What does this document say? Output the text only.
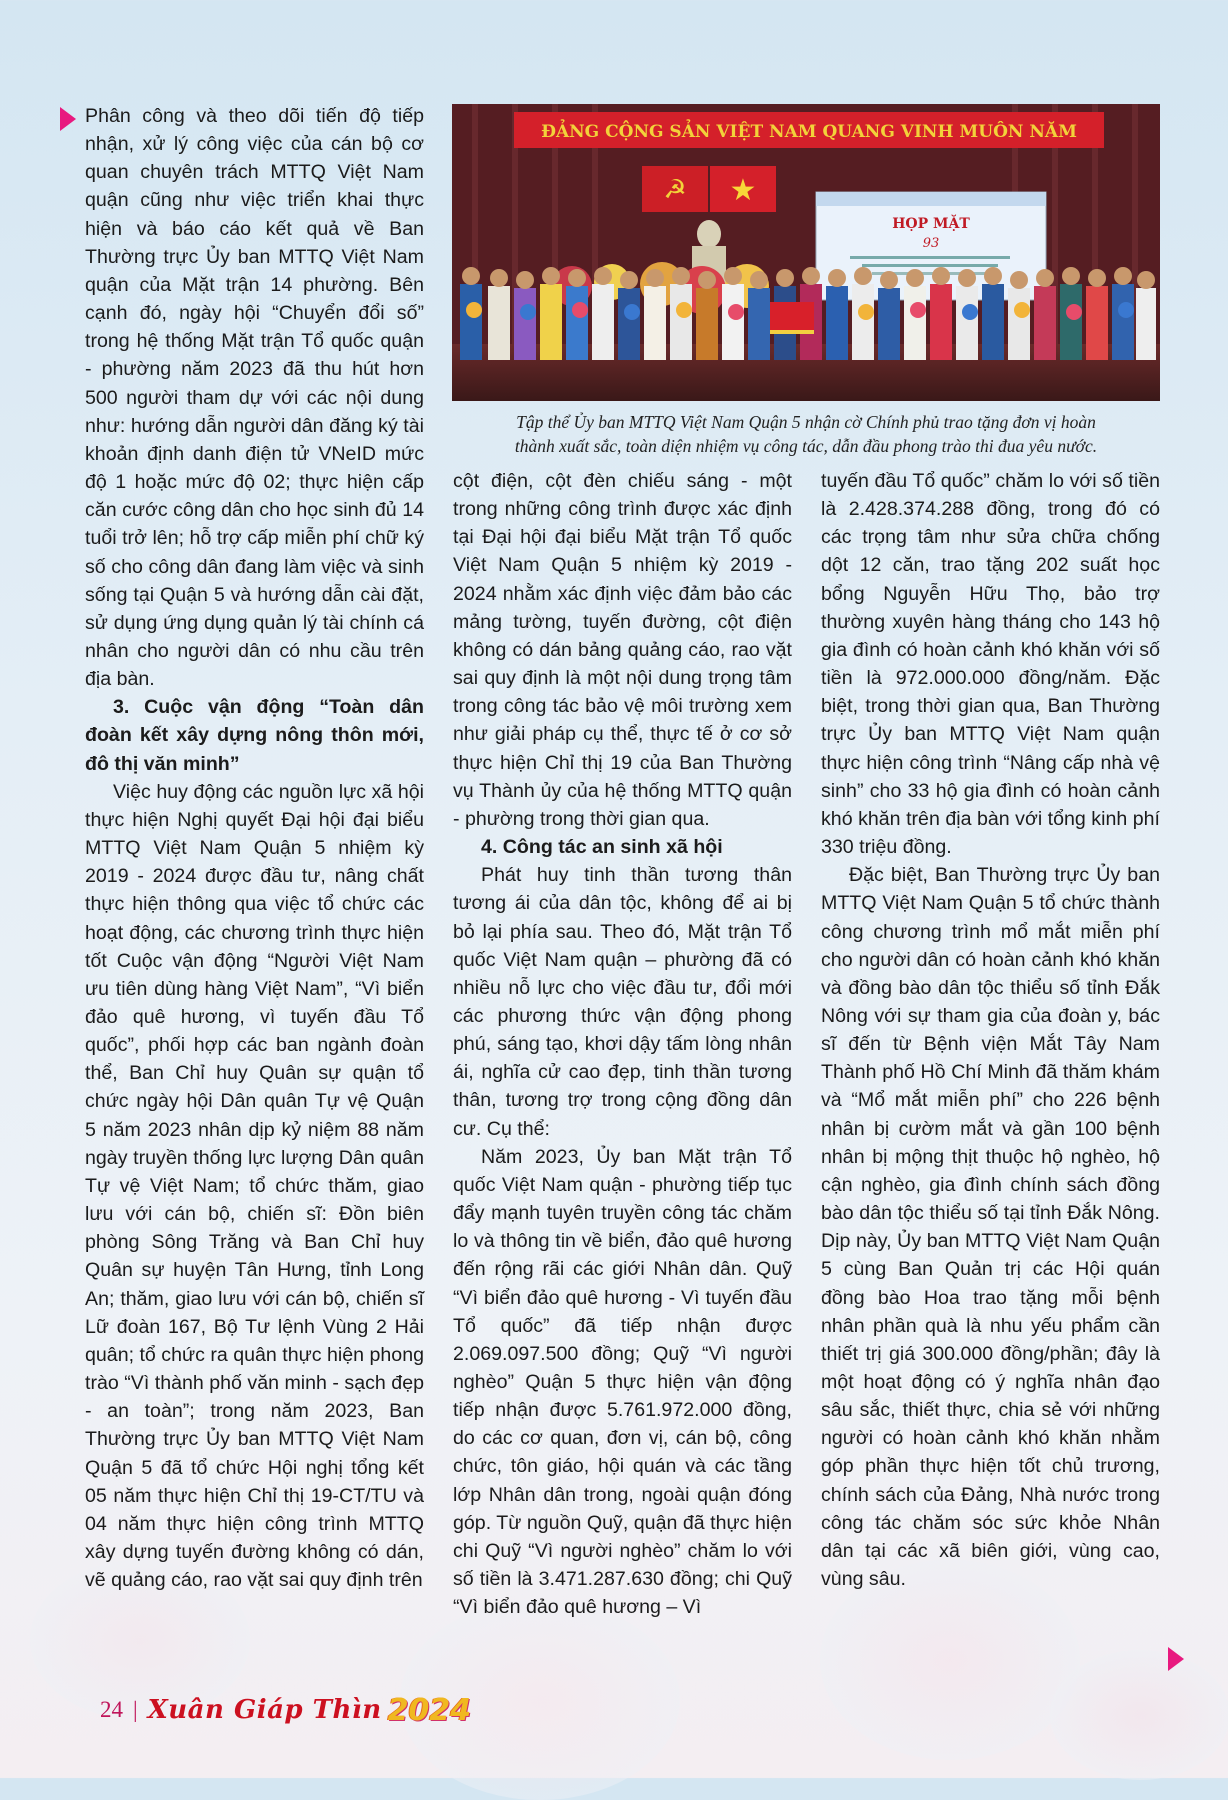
ĐẢNG CỘNG SẢN VIỆT NAM QUANG VINH MUÔN NĂM
☭ ★
HỌP MẶT
93
Tập thể Ủy ban MTTQ Việt Nam Quận 5 nhận cờ Chính phủ trao tặng đơn vị hoàn
thành xuất sắc, toàn diện nhiệm vụ công tác, dẫn đầu phong trào thi đua yêu nước.

Phân công và theo dõi tiến độ tiếp nhận, xử lý công việc của cán bộ cơ quan chuyên trách MTTQ Việt Nam quận cũng như việc triển khai thực hiện và báo cáo kết quả về Ban Thường trực Ủy ban MTTQ Việt Nam quận của Mặt trận 14 phường. Bên cạnh đó, ngày hội “Chuyển đổi số” trong hệ thống Mặt trận Tổ quốc quận - phường năm 2023 đã thu hút hơn 500 người tham dự với các nội dung như: hướng dẫn người dân đăng ký tài khoản định danh điện tử VNeID mức độ 1 hoặc mức độ 02; thực hiện cấp căn cước công dân cho học sinh đủ 14 tuổi trở lên; hỗ trợ cấp miễn phí chữ ký số cho công dân đang làm việc và sinh sống tại Quận 5 và hướng dẫn cài đặt, sử dụng ứng dụng quản lý tài chính cá nhân cho người dân có nhu cầu trên địa bàn.

3. Cuộc vận động “Toàn dân đoàn kết xây dựng nông thôn mới, đô thị văn minh”

Việc huy động các nguồn lực xã hội thực hiện Nghị quyết Đại hội đại biểu MTTQ Việt Nam Quận 5 nhiệm kỳ 2019 - 2024 được đầu tư, nâng chất thực hiện thông qua việc tổ chức các hoạt động, các chương trình thực hiện tốt Cuộc vận động “Người Việt Nam ưu tiên dùng hàng Việt Nam”, “Vì biển đảo quê hương, vì tuyến đầu Tổ quốc”, phối hợp các ban ngành đoàn thể, Ban Chỉ huy Quân sự quận tổ chức ngày hội Dân quân Tự vệ Quận 5 năm 2023 nhân dịp kỷ niệm 88 năm ngày truyền thống lực lượng Dân quân Tự vệ Việt Nam; tổ chức thăm, giao lưu với cán bộ, chiến sĩ: Đồn biên phòng Sông Trăng và Ban Chỉ huy Quân sự huyện Tân Hưng, tỉnh Long An; thăm, giao lưu với cán bộ, chiến sĩ Lữ đoàn 167, Bộ Tư lệnh Vùng 2 Hải quân; tổ chức ra quân thực hiện phong trào “Vì thành phố văn minh - sạch đẹp - an toàn”; trong năm 2023, Ban Thường trực Ủy ban MTTQ Việt Nam Quận 5 đã tổ chức Hội nghị tổng kết 05 năm thực hiện Chỉ thị 19-CT/TU và 04 năm thực hiện công trình MTTQ xây dựng tuyến đường không có dán, vẽ quảng cáo, rao vặt sai quy định trên

cột điện, cột đèn chiếu sáng - một trong những công trình được xác định tại Đại hội đại biểu Mặt trận Tổ quốc Việt Nam Quận 5 nhiệm kỳ 2019 - 2024 nhằm xác định việc đảm bảo các mảng tường, tuyến đường, cột điện không có dán bảng quảng cáo, rao vặt sai quy định là một nội dung trọng tâm trong công tác bảo vệ môi trường xem như giải pháp cụ thể, thực tế ở cơ sở thực hiện Chỉ thị 19 của Ban Thường vụ Thành ủy của hệ thống MTTQ quận - phường trong thời gian qua.

4. Công tác an sinh xã hội

Phát huy tinh thần tương thân tương ái của dân tộc, không để ai bị bỏ lại phía sau. Theo đó, Mặt trận Tổ quốc Việt Nam quận – phường đã có nhiều nỗ lực cho việc đầu tư, đổi mới các phương thức vận động phong phú, sáng tạo, khơi dậy tấm lòng nhân ái, nghĩa cử cao đẹp, tinh thần tương thân, tương trợ trong cộng đồng dân cư. Cụ thể:

Năm 2023, Ủy ban Mặt trận Tổ quốc Việt Nam quận - phường tiếp tục đẩy mạnh tuyên truyền công tác chăm lo và thông tin về biển, đảo quê hương đến rộng rãi các giới Nhân dân. Quỹ “Vì biển đảo quê hương - Vì tuyến đầu Tổ quốc” đã tiếp nhận được 2.069.097.500 đồng; Quỹ “Vì người nghèo” Quận 5 thực hiện vận động tiếp nhận được 5.761.972.000 đồng, do các cơ quan, đơn vị, cán bộ, công chức, tôn giáo, hội quán và các tầng lớp Nhân dân trong, ngoài quận đóng góp. Từ nguồn Quỹ, quận đã thực hiện chi Quỹ “Vì người nghèo” chăm lo với số tiền là 3.471.287.630 đồng; chi Quỹ “Vì biển đảo quê hương – Vì

tuyến đầu Tổ quốc” chăm lo với số tiền là 2.428.374.288 đồng, trong đó có các trọng tâm như sửa chữa chống dột 12 căn, trao tặng 202 suất học bổng Nguyễn Hữu Thọ, bảo trợ thường xuyên hàng tháng cho 143 hộ gia đình có hoàn cảnh khó khăn với số tiền là 972.000.000 đồng/năm. Đặc biệt, trong thời gian qua, Ban Thường trực Ủy ban MTTQ Việt Nam quận thực hiện công trình “Nâng cấp nhà vệ sinh” cho 33 hộ gia đình có hoàn cảnh khó khăn trên địa bàn với tổng kinh phí 330 triệu đồng.

Đặc biệt, Ban Thường trực Ủy ban MTTQ Việt Nam Quận 5 tổ chức thành công chương trình mổ mắt miễn phí cho người dân có hoàn cảnh khó khăn và đồng bào dân tộc thiểu số tỉnh Đắk Nông với sự tham gia của đoàn y, bác sĩ đến từ Bệnh viện Mắt Tây Nam Thành phố Hồ Chí Minh đã thăm khám và “Mổ mắt miễn phí” cho 226 bệnh nhân bị cườm mắt và gần 100 bệnh nhân bị mộng thịt thuộc hộ nghèo, hộ cận nghèo, gia đình chính sách đồng bào dân tộc thiểu số tại tỉnh Đắk Nông. Dịp này, Ủy ban MTTQ Việt Nam Quận 5 cùng Ban Quản trị các Hội quán đồng bào Hoa trao tặng mỗi bệnh nhân phần quà là nhu yếu phẩm cần thiết trị giá 300.000 đồng/phần; đây là một hoạt động có ý nghĩa nhân đạo sâu sắc, thiết thực, chia sẻ với những người có hoàn cảnh khó khăn nhằm góp phần thực hiện tốt chủ trương, chính sách của Đảng, Nhà nước trong công tác chăm sóc sức khỏe Nhân dân tại các xã biên giới, vùng cao, vùng sâu.

24 | Xuân Giáp Thìn 2024
